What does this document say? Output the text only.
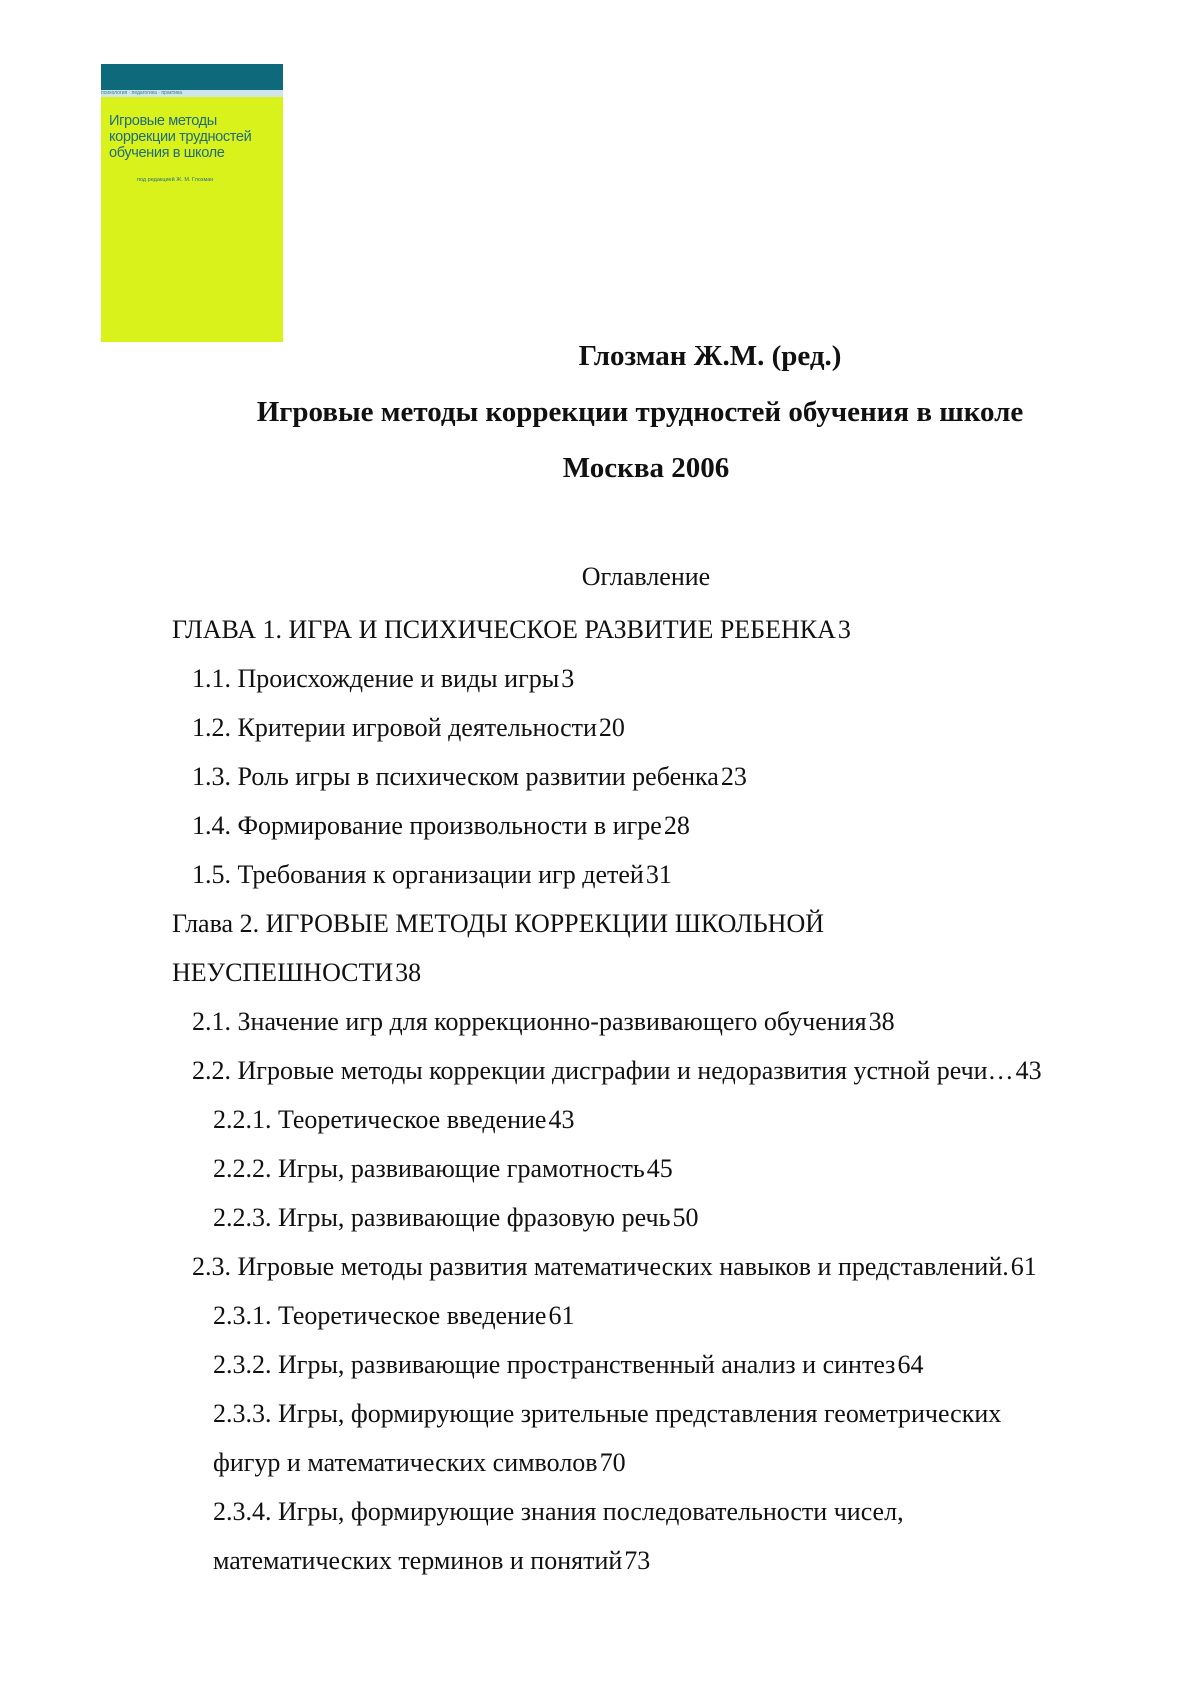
психология · педагогика · практика
Игровые методы
коррекции трудностей
обучения в школе
под редакцией Ж. М. Глозман
Глозман Ж.М. (ред.)
Игровые методы коррекции трудностей обучения в школе
Москва 2006
Оглавление
ГЛАВА 1. ИГРА И ПСИХИЧЕСКОЕ РАЗВИТИЕ РЕБЕНКА 3
1.1. Происхождение и виды игры 3
1.2. Критерии игровой деятельности 20
1.3. Роль игры в психическом развитии ребенка 23
1.4. Формирование произвольности в игре 28
1.5. Требования к организации игр детей 31
Глава 2. ИГРОВЫЕ МЕТОДЫ КОРРЕКЦИИ ШКОЛЬНОЙ
НЕУСПЕШНОСТИ 38
2.1. Значение игр для коррекционно-развивающего обучения 38
2.2. Игровые методы коррекции дисграфии и недоразвития устной речи… 43
2.2.1. Теоретическое введение 43
2.2.2. Игры, развивающие грамотность 45
2.2.3. Игры, развивающие фразовую речь 50
2.3. Игровые методы развития математических навыков и представлений. 61
2.3.1. Теоретическое введение 61
2.3.2. Игры, развивающие пространственный анализ и синтез 64
2.3.3. Игры, формирующие зрительные представления геометрических
фигур и математических символов 70
2.3.4. Игры, формирующие знания последовательности чисел,
математических терминов и понятий 73
